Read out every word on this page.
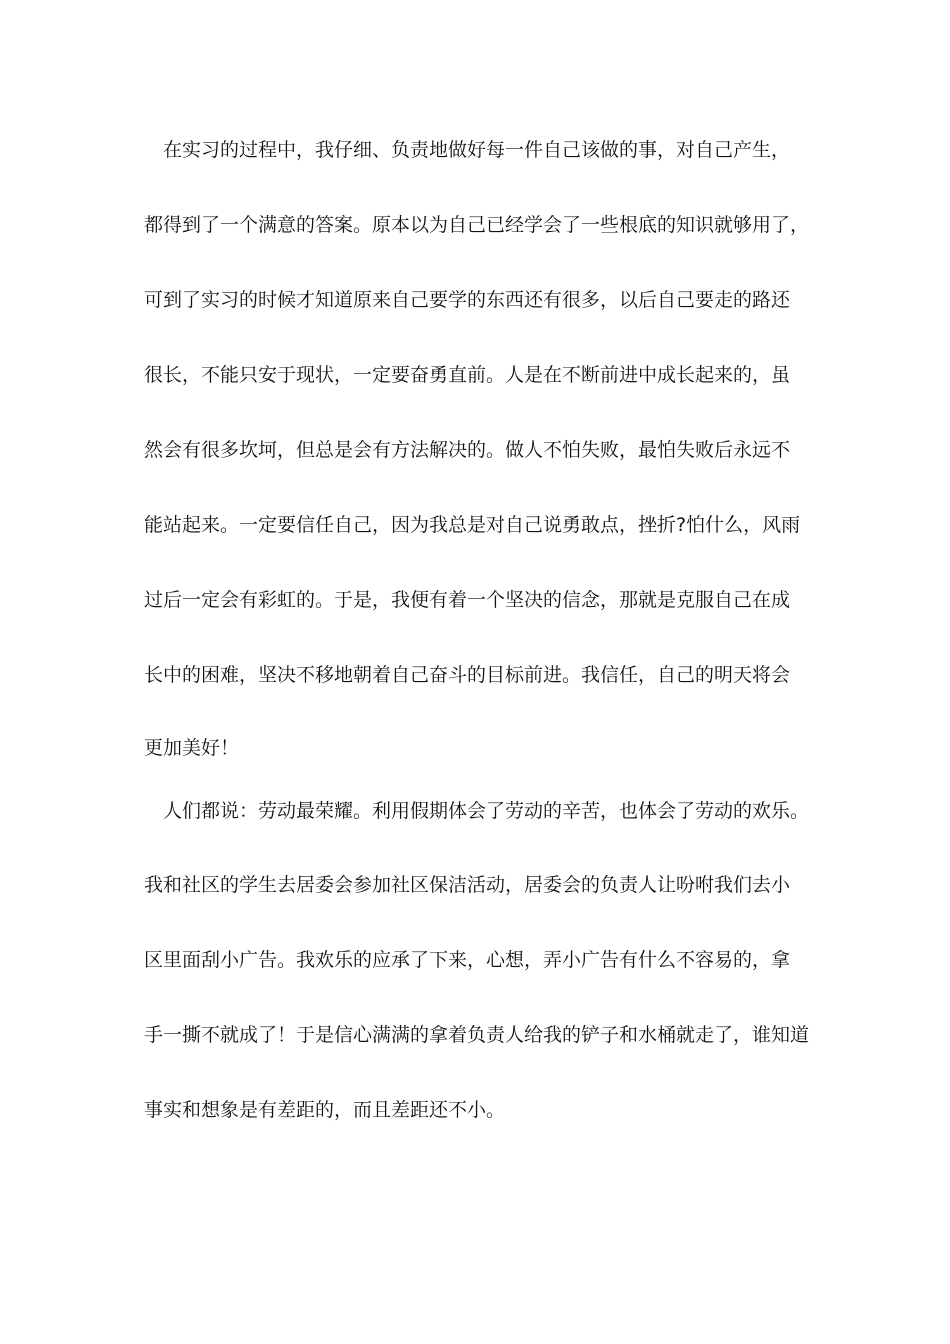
在实习的过程中，我仔细、负责地做好每一件自己该做的事，对自己产生，
都得到了一个满意的答案。原本以为自己已经学会了一些根底的知识就够用了，
可到了实习的时候才知道原来自己要学的东西还有很多，以后自己要走的路还
很长，不能只安于现状，一定要奋勇直前。人是在不断前进中成长起来的，虽
然会有很多坎坷，但总是会有方法解决的。做人不怕失败，最怕失败后永远不
能站起来。一定要信任自己，因为我总是对自己说勇敢点，挫折?怕什么，风雨
过后一定会有彩虹的。于是，我便有着一个坚决的信念，那就是克服自己在成
长中的困难，坚决不移地朝着自己奋斗的目标前进。我信任，自己的明天将会
更加美好！
人们都说：劳动最荣耀。利用假期体会了劳动的辛苦，也体会了劳动的欢乐。
我和社区的学生去居委会参加社区保洁活动，居委会的负责人让吩咐我们去小
区里面刮小广告。我欢乐的应承了下来，心想，弄小广告有什么不容易的，拿
手一撕不就成了！于是信心满满的拿着负责人给我的铲子和水桶就走了，谁知道
事实和想象是有差距的，而且差距还不小。
